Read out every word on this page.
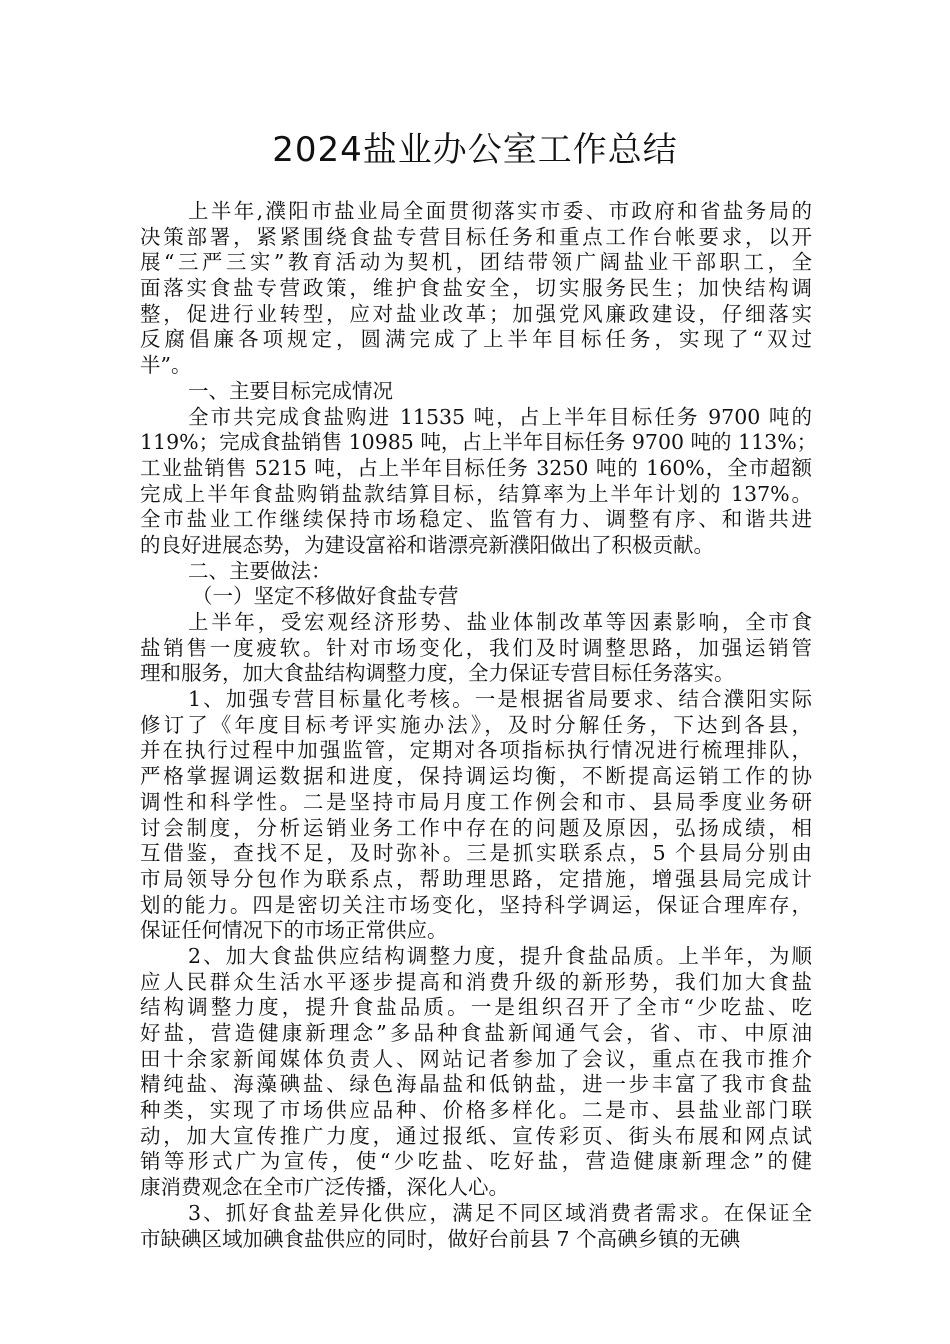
2024盐业办公室工作总结
上半年,濮阳市盐业局全面贯彻落实市委、市政府和省盐务局的
决策部署，紧紧围绕食盐专营目标任务和重点工作台帐要求，以开
展“三严三实”教育活动为契机，团结带领广阔盐业干部职工，全
面落实食盐专营政策，维护食盐安全，切实服务民生；加快结构调
整，促进行业转型，应对盐业改革；加强党风廉政建设，仔细落实
反腐倡廉各项规定，圆满完成了上半年目标任务，实现了“双过
半”。
一、主要目标完成情况
全市共完成食盐购进 11535 吨，占上半年目标任务 9700 吨的
119%；完成食盐销售 10985 吨，占上半年目标任务 9700 吨的 113%；
工业盐销售 5215 吨，占上半年目标任务 3250 吨的 160%，全市超额
完成上半年食盐购销盐款结算目标，结算率为上半年计划的 137%。
全市盐业工作继续保持市场稳定、监管有力、调整有序、和谐共进
的良好进展态势，为建设富裕和谐漂亮新濮阳做出了积极贡献。
二、主要做法：
（一）坚定不移做好食盐专营
上半年，受宏观经济形势、盐业体制改革等因素影响，全市食
盐销售一度疲软。针对市场变化，我们及时调整思路，加强运销管
理和服务，加大食盐结构调整力度，全力保证专营目标任务落实。
1、加强专营目标量化考核。一是根据省局要求、结合濮阳实际
修订了《年度目标考评实施办法》，及时分解任务，下达到各县，
并在执行过程中加强监管，定期对各项指标执行情况进行梳理排队，
严格掌握调运数据和进度，保持调运均衡，不断提高运销工作的协
调性和科学性。二是坚持市局月度工作例会和市、县局季度业务研
讨会制度，分析运销业务工作中存在的问题及原因，弘扬成绩，相
互借鉴，查找不足，及时弥补。三是抓实联系点，5 个县局分别由
市局领导分包作为联系点，帮助理思路，定措施，增强县局完成计
划的能力。四是密切关注市场变化，坚持科学调运，保证合理库存，
保证任何情况下的市场正常供应。
2、加大食盐供应结构调整力度，提升食盐品质。上半年，为顺
应人民群众生活水平逐步提高和消费升级的新形势，我们加大食盐
结构调整力度，提升食盐品质。一是组织召开了全市“少吃盐、吃
好盐，营造健康新理念”多品种食盐新闻通气会，省、市、中原油
田十余家新闻媒体负责人、网站记者参加了会议，重点在我市推介
精纯盐、海藻碘盐、绿色海晶盐和低钠盐，进一步丰富了我市食盐
种类，实现了市场供应品种、价格多样化。二是市、县盐业部门联
动，加大宣传推广力度，通过报纸、宣传彩页、街头布展和网点试
销等形式广为宣传，使“少吃盐、吃好盐，营造健康新理念”的健
康消费观念在全市广泛传播，深化人心。
3、抓好食盐差异化供应，满足不同区域消费者需求。在保证全
市缺碘区域加碘食盐供应的同时，做好台前县 7 个高碘乡镇的无碘
